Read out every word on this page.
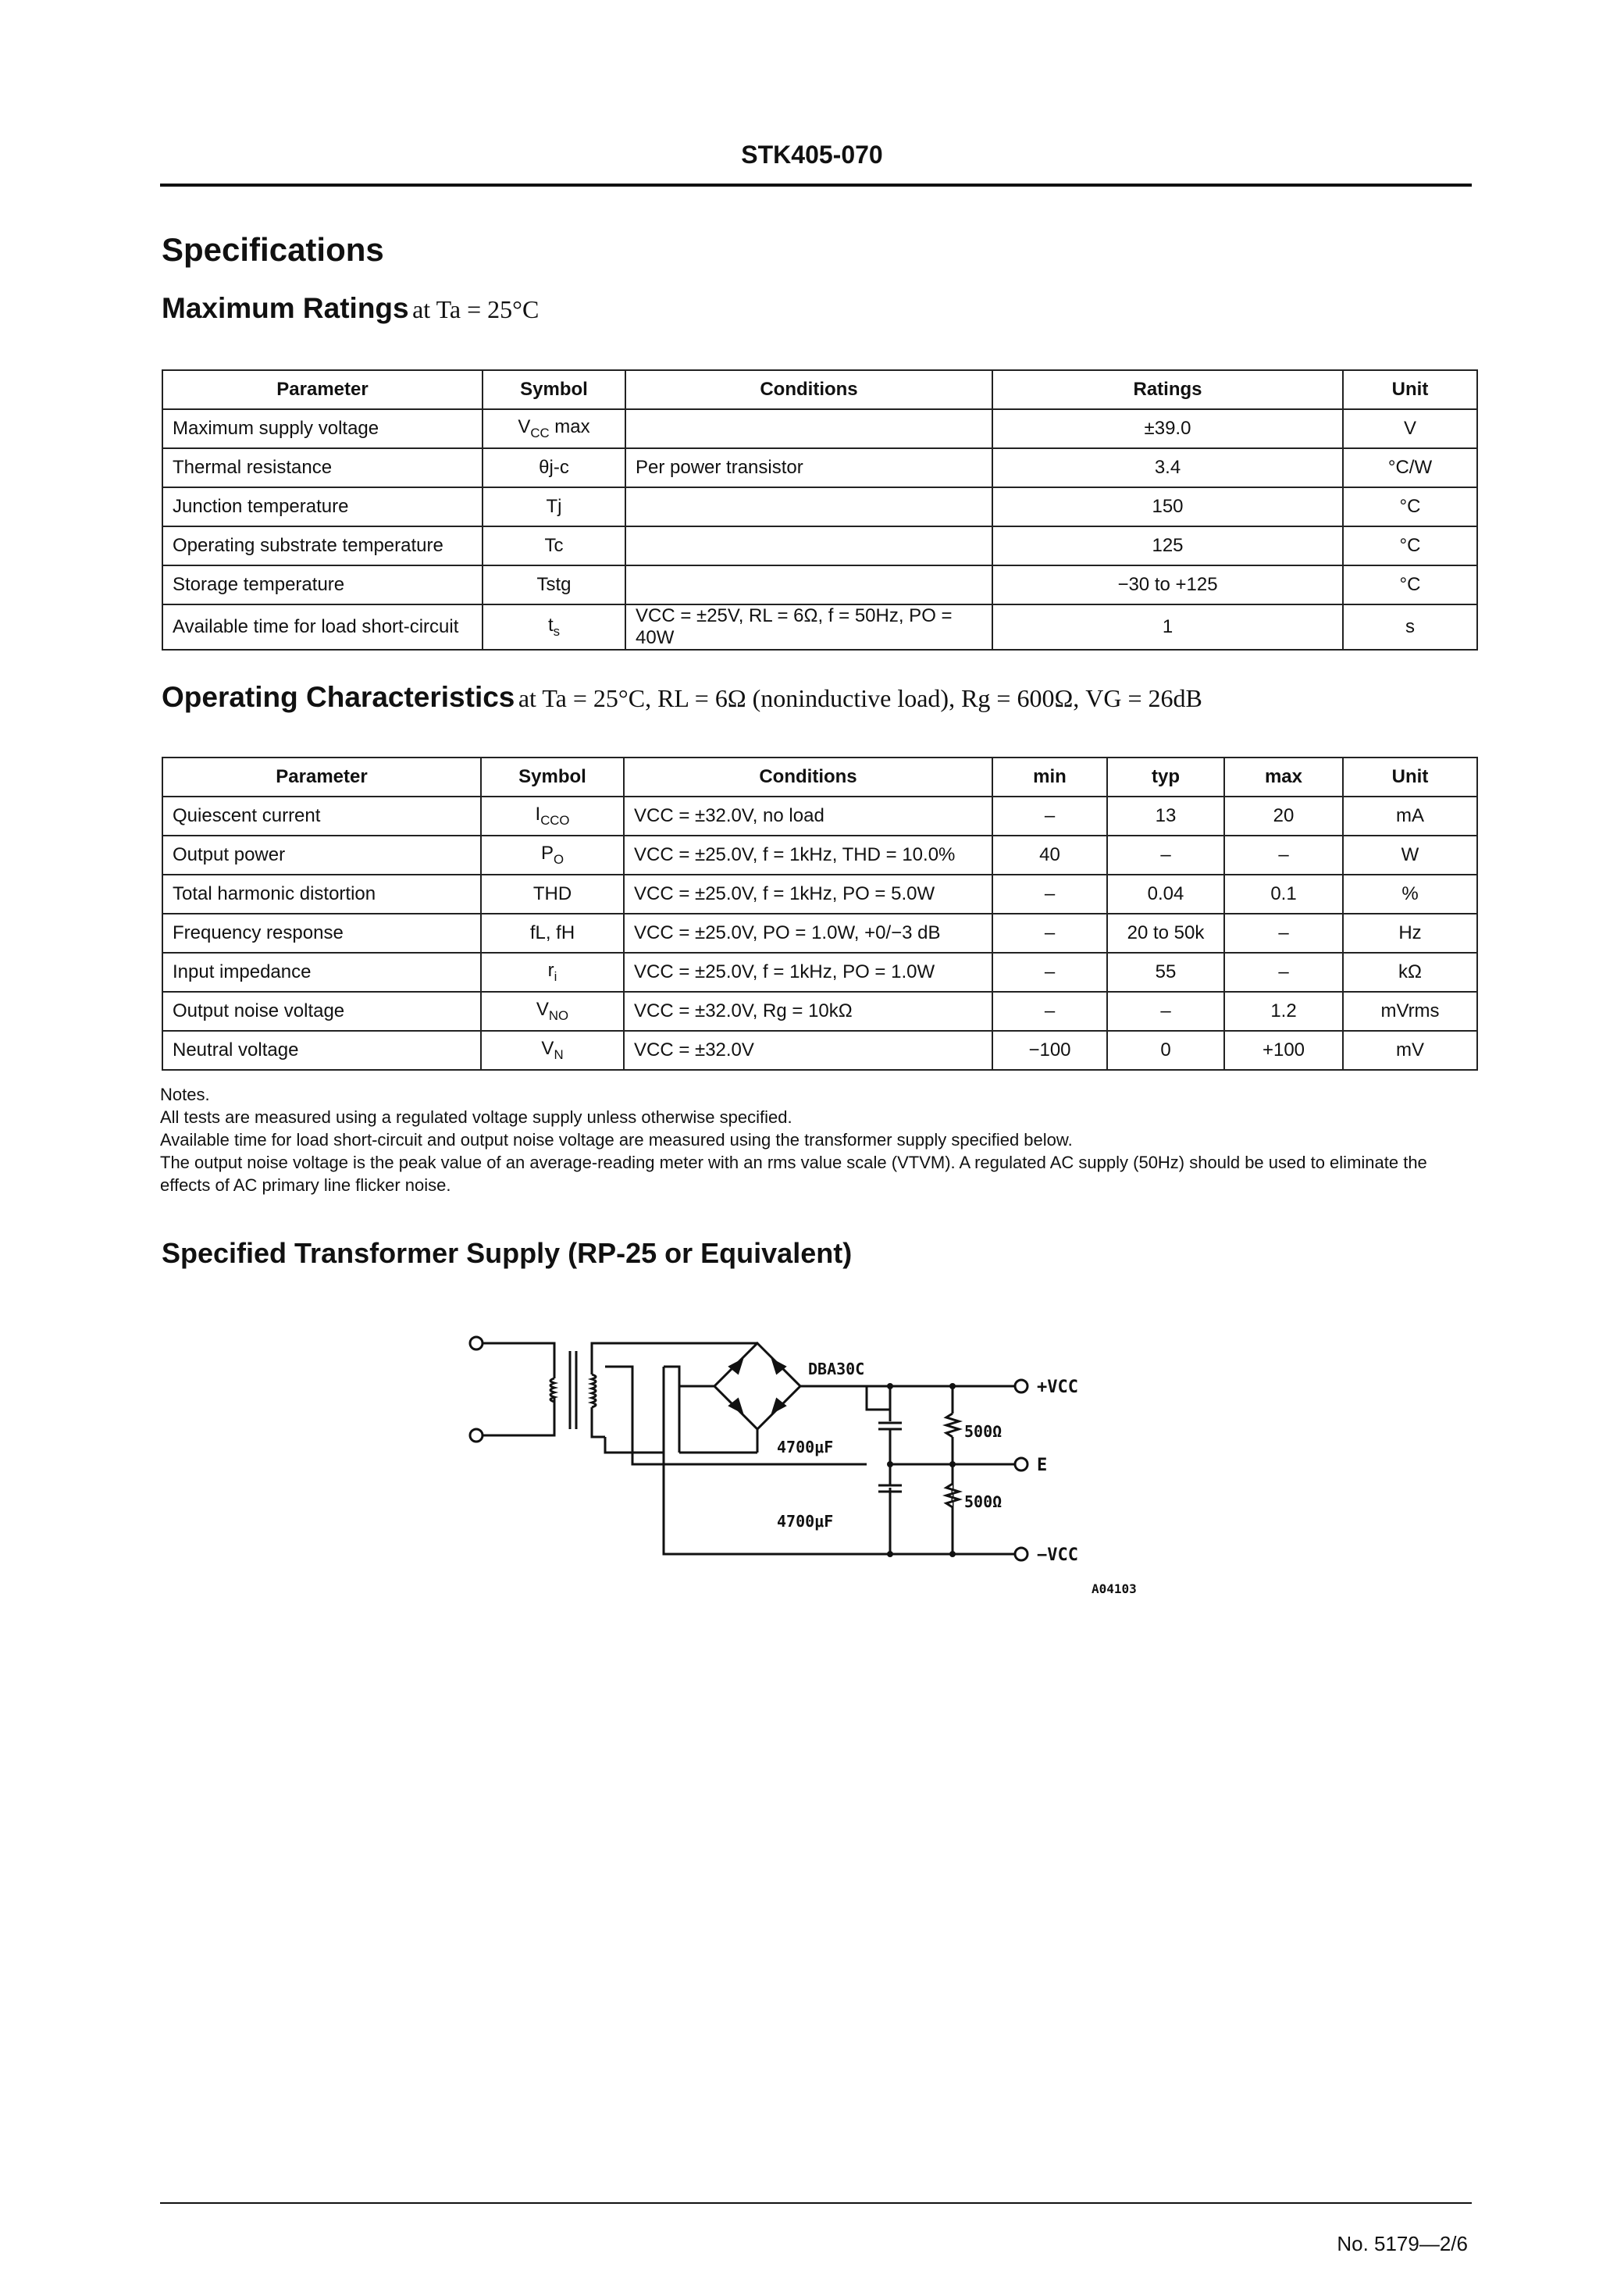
STK405-070
Specifications
Maximum Ratings at Ta = 25°C
Parameter	Symbol	Conditions	Ratings	Unit
Maximum supply voltage	$V_{CC}$ max		±39.0	V
Thermal resistance	θj-c	Per power transistor	3.4	°C/W
Junction temperature	Tj		150	°C
Operating substrate temperature	Tc		125	°C
Storage temperature	Tstg		−30 to +125	°C
Available time for load short-circuit	$t_s$	VCC = ±25V, RL = 6Ω, f = 50Hz, PO = 40W	1	s
Operating Characteristics at Ta = 25°C, RL = 6Ω (noninductive load), Rg = 600Ω, VG = 26dB
Parameter	Symbol	Conditions	min	typ	max	Unit
Quiescent current	$I_{CCO}$	VCC = ±32.0V, no load	–	13	20	mA
Output power	$P_O$	VCC = ±25.0V, f = 1kHz, THD = 10.0%	40	–	–	W
Total harmonic distortion	THD	VCC = ±25.0V, f = 1kHz, PO = 5.0W	–	0.04	0.1	%
Frequency response	fL, fH	VCC = ±25.0V, PO = 1.0W, +0/−3 dB	–	20 to 50k	–	Hz
Input impedance	$r_i$	VCC = ±25.0V, f = 1kHz, PO = 1.0W	–	55	–	kΩ
Output noise voltage	$V_{NO}$	VCC = ±32.0V, Rg = 10kΩ	–	–	1.2	mVrms
Neutral voltage	$V_N$	VCC = ±32.0V	−100	0	+100	mV
Notes.
All tests are measured using a regulated voltage supply unless otherwise specified.
Available time for load short-circuit and output noise voltage are measured using the transformer supply specified below.
The output noise voltage is the peak value of an average-reading meter with an rms value scale (VTVM). A regulated AC supply (50Hz) should be used to eliminate the
effects of AC primary line flicker noise.
Specified Transformer Supply (RP-25 or Equivalent)
DBA30C
4700μF
4700μF
500Ω
500Ω
+VCC
E
−VCC
A04103
No. 5179—2/6
